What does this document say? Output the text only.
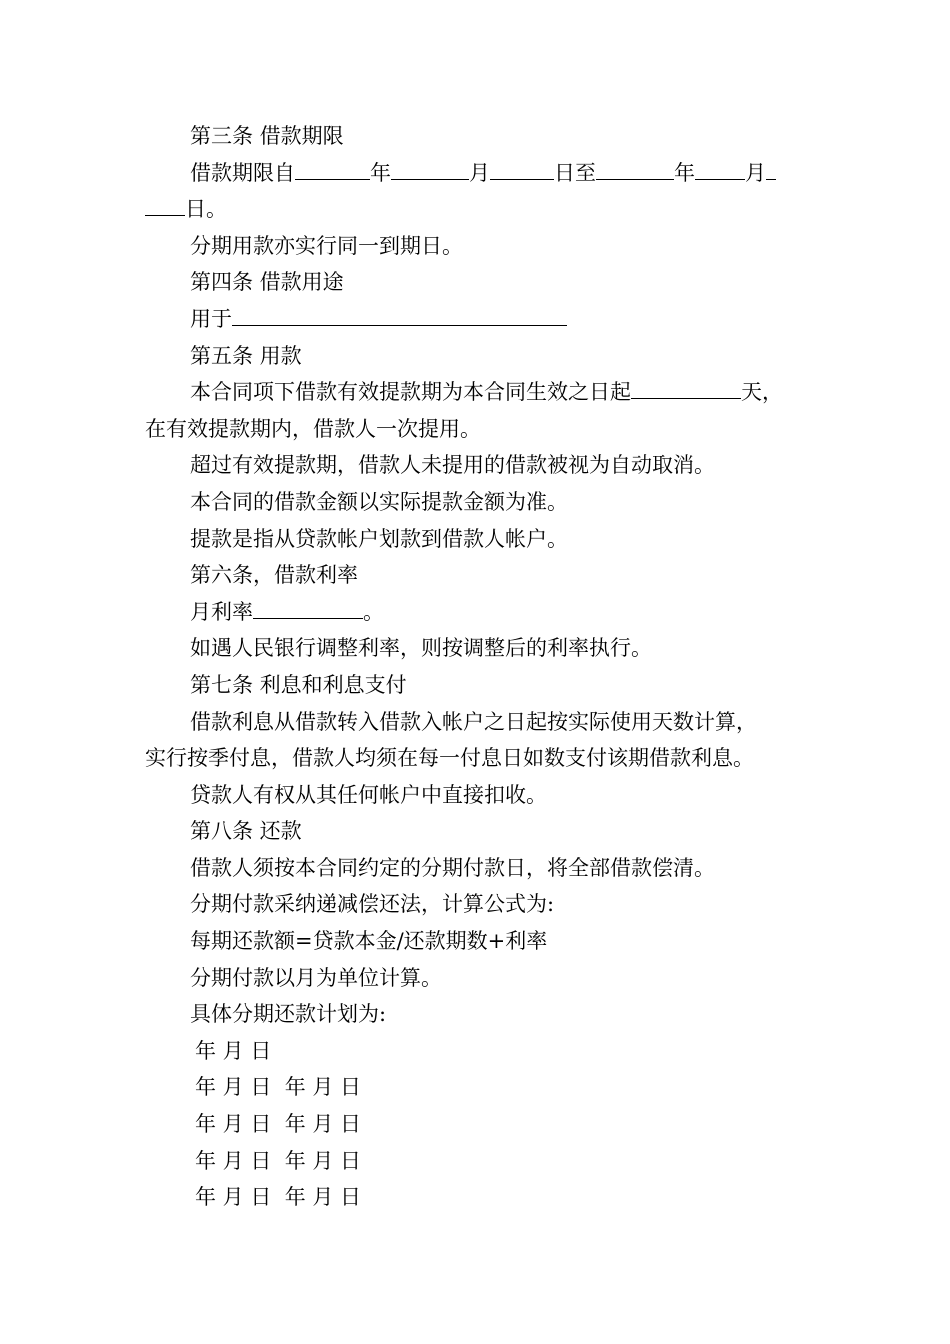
第三条 借款期限
借款期限自	年	月	日至	年 月
日。
分期用款亦实行同一到期日。
第四条 借款用途
用于
第五条 用款
本合同项下借款有效提款期为本合同生效之日起	天，
在有效提款期内，借款人一次提用。
超过有效提款期，借款人未提用的借款被视为自动取消。
本合同的借款金额以实际提款金额为准。
提款是指从贷款帐户划款到借款人帐户。
第六条，借款利率
月利率	。
如遇人民银行调整利率，则按调整后的利率执行。
第七条 利息和利息支付
借款利息从借款转入借款入帐户之日起按实际使用天数计算，
实行按季付息，借款人均须在每一付息日如数支付该期借款利息。
贷款人有权从其任何帐户中直接扣收。
第八条 还款
借款人须按本合同约定的分期付款日，将全部借款偿清。
分期付款采纳递减偿还法，计算公式为:
每期还款额=贷款本金/还款期数+利率
分期付款以月为单位计算。
具体分期还款计划为:
年 月 日
年 月 日  年 月 日
年 月 日  年 月 日
年 月 日  年 月 日
年 月 日  年 月 日
